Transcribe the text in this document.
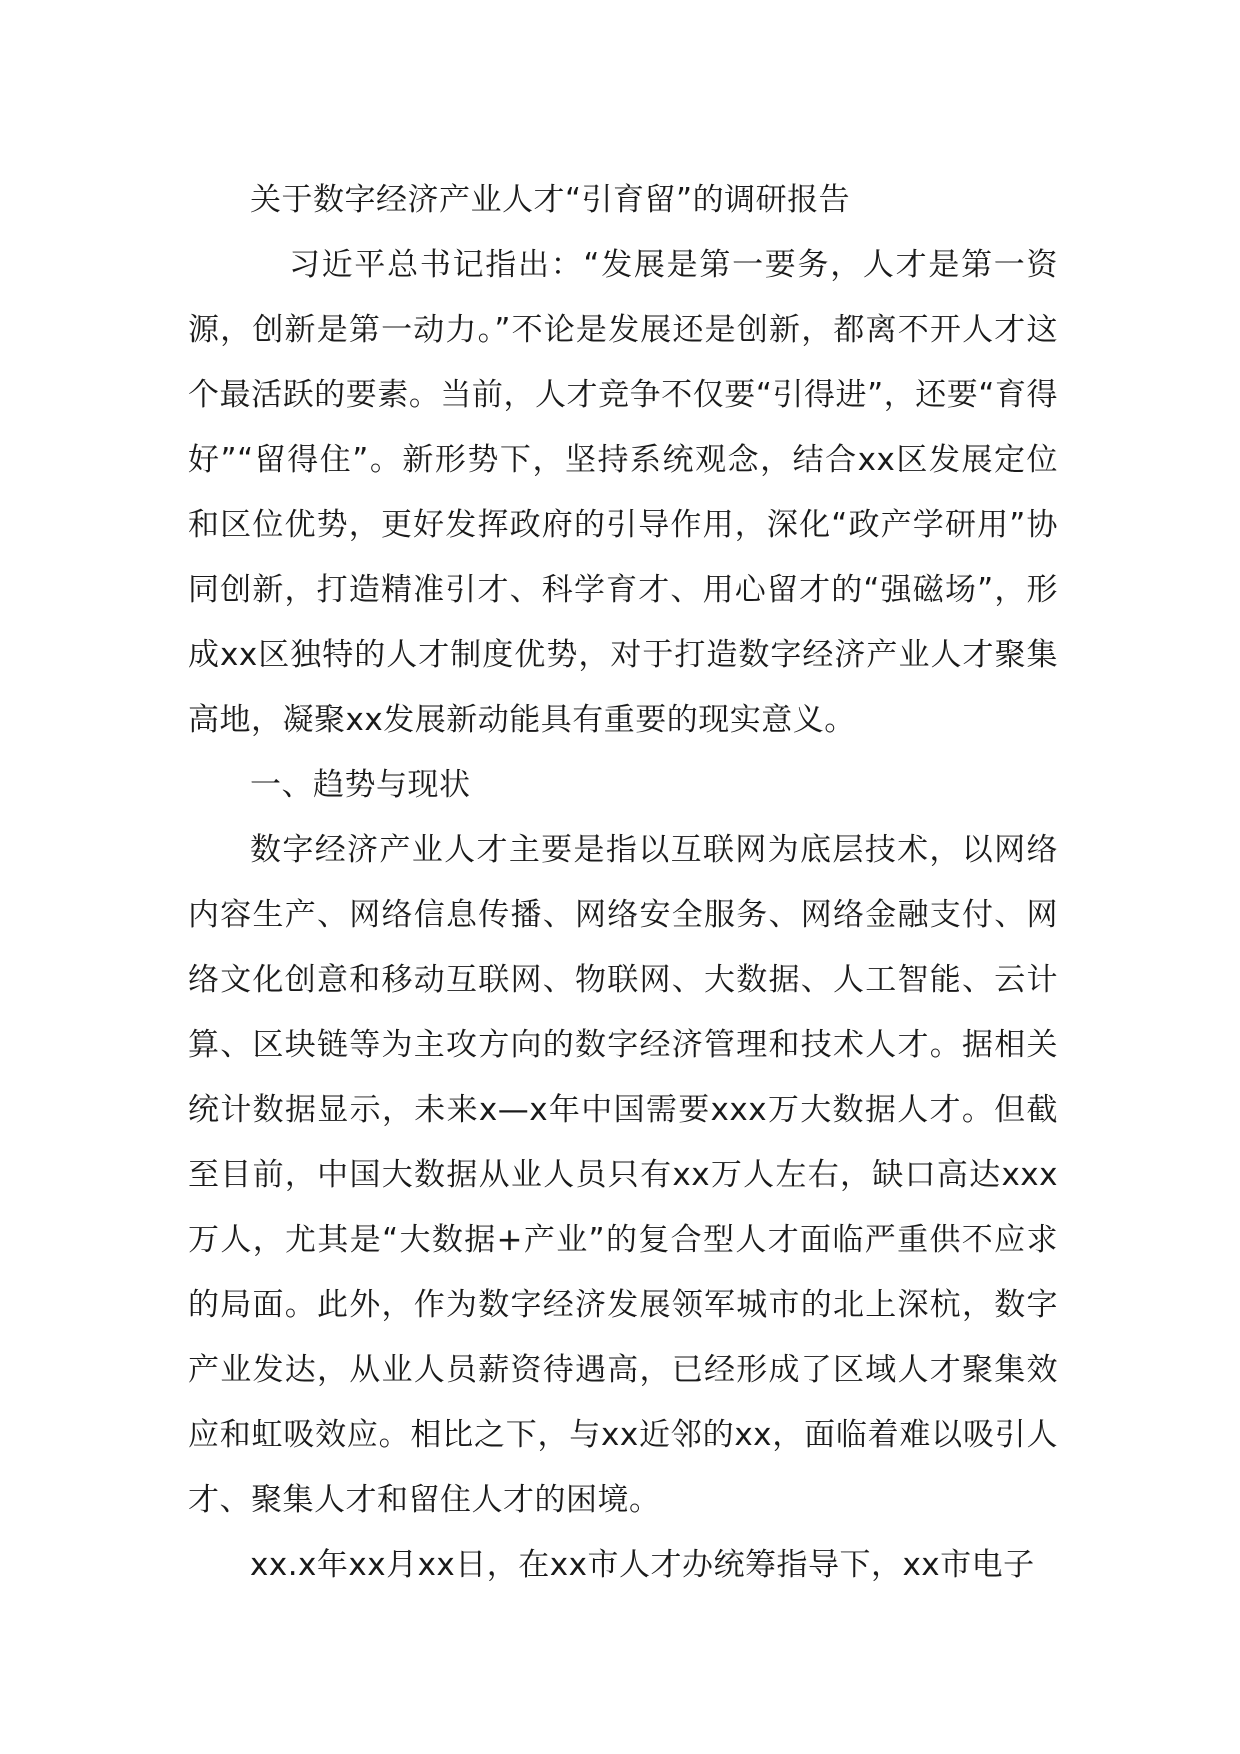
关于数字经济产业人才“引育留”的调研报告

习近平总书记指出：“发展是第一要务，人才是第一资源，创新是第一动力。”不论是发展还是创新，都离不开人才这个最活跃的要素。当前，人才竞争不仅要“引得进”，还要“育得好”“留得住”。新形势下，坚持系统观念，结合xx区发展定位和区位优势，更好发挥政府的引导作用，深化“政产学研用”协同创新，打造精准引才、科学育才、用心留才的“强磁场”，形成xx区独特的人才制度优势，对于打造数字经济产业人才聚集高地，凝聚xx发展新动能具有重要的现实意义。

一、趋势与现状

数字经济产业人才主要是指以互联网为底层技术，以网络内容生产、网络信息传播、网络安全服务、网络金融支付、网络文化创意和移动互联网、物联网、大数据、人工智能、云计算、区块链等为主攻方向的数字经济管理和技术人才。据相关统计数据显示，未来x—x年中国需要xxx万大数据人才。但截至目前，中国大数据从业人员只有xx万人左右，缺口高达xxx万人，尤其是“大数据+产业”的复合型人才面临严重供不应求的局面。此外，作为数字经济发展领军城市的北上深杭，数字产业发达，从业人员薪资待遇高，已经形成了区域人才聚集效应和虹吸效应。相比之下，与xx近邻的xx，面临着难以吸引人才、聚集人才和留住人才的困境。

xx.x年xx月xx日，在xx市人才办统筹指导下，xx市电子
